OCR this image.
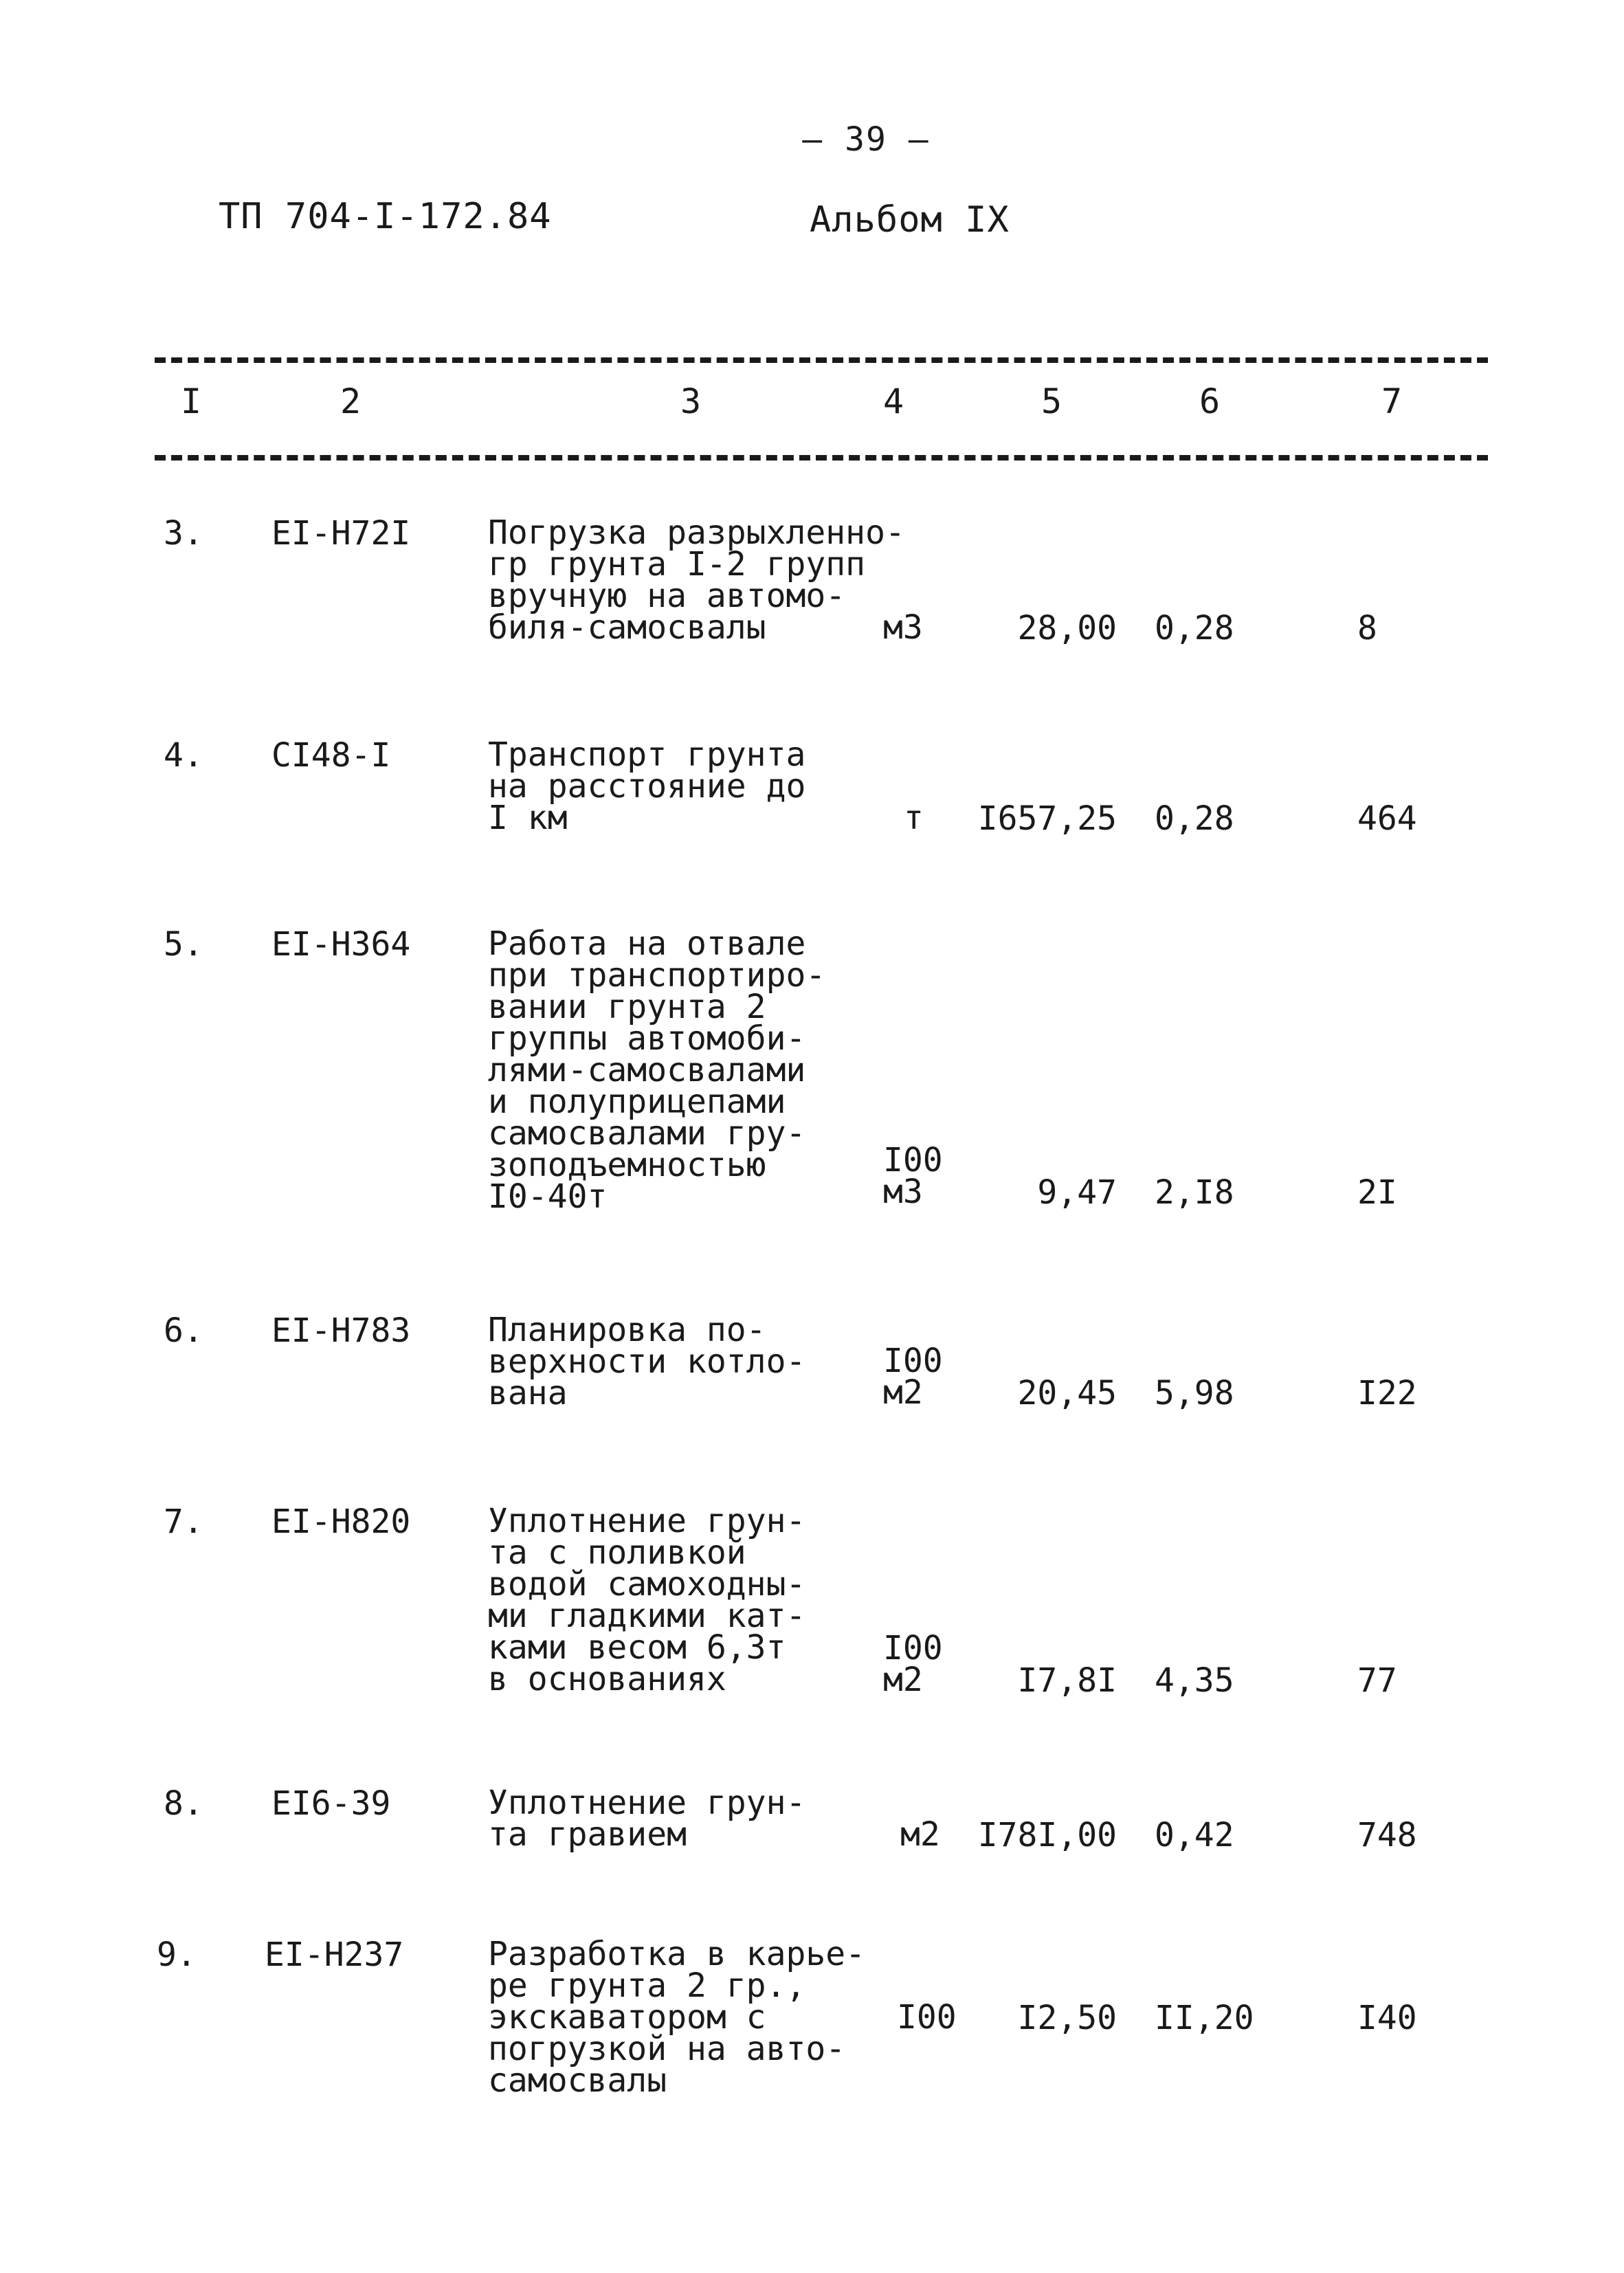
– 39 –
ТП 704-I-172.84	Альбом IX
I	2	3	4	5	6	7
3. EI-H72I Погрузка разрыхленно-
гр грунта I-2 групп
вручную на автомо-
биля-самосвалы	м3	28,00 0,28	8
4. CI48-I	Транспорт грунта
на расстояние до
I км	т	I657,25 0,28	464
5. EI-H364 Работа на отвале
при транспортиро-
вании грунта 2
группы автомоби-
лями-самосвалами
и полуприцепами
самосвалами гру-
зоподъемностью
I0-40т
I00
м3	9,47 2,I8	2I
6. EI-H783 Планировка по-
верхности котло-
вана
I00
м2	20,45 5,98	I22
7. EI-H820 Уплотнение грун-
та с поливкой
водой самоходны-
ми гладкими кат-
ками весом 6,3т
в основаниях
I00
м2	I7,8I 4,35	77
8. EI6-39	Уплотнение грун-
та гравием	м2	I78I,00 0,42	748
9. EI-H237	Разработка в карье-
ре грунта 2 гр.,
экскаватором с
погрузкой на авто-
самосвалы
I00	I2,50 II,20	I40
